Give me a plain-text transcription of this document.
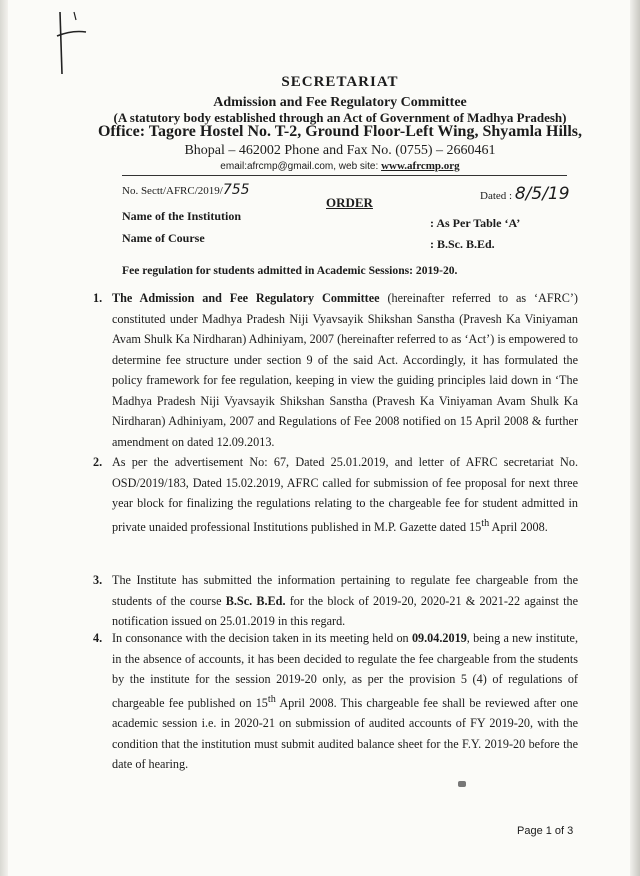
SECRETARIAT
Admission and Fee Regulatory Committee
(A statutory body established through an Act of Government of Madhya Pradesh)
Office: Tagore Hostel No. T-2, Ground Floor-Left Wing, Shyamla Hills,
Bhopal – 462002 Phone and Fax No. (0755) – 2660461
email:afrcmp@gmail.com, web site: www.afrcmp.org
No. Sectt/AFRC/2019/755	Dated : 8/5/19
ORDER
Name of the Institution	: As Per Table ‘A’
Name of Course	: B.Sc. B.Ed.
Fee regulation for students admitted in Academic Sessions: 2019-20.
1. The Admission and Fee Regulatory Committee (hereinafter referred to as ‘AFRC’) constituted under Madhya Pradesh Niji Vyavsayik Shikshan Sanstha (Pravesh Ka Viniyaman Avam Shulk Ka Nirdharan) Adhiniyam, 2007 (hereinafter referred to as ‘Act’) is empowered to determine fee structure under section 9 of the said Act. Accordingly, it has formulated the policy framework for fee regulation, keeping in view the guiding principles laid down in ‘The Madhya Pradesh Niji Vyavsayik Shikshan Sanstha (Pravesh Ka Viniyaman Avam Shulk Ka Nirdharan) Adhiniyam, 2007 and Regulations of Fee 2008 notified on 15 April 2008 & further amendment on dated 12.09.2013.
2. As per the advertisement No: 67, Dated 25.01.2019, and letter of AFRC secretariat No. OSD/2019/183, Dated 15.02.2019, AFRC called for submission of fee proposal for next three year block for finalizing the regulations relating to the chargeable fee for student admitted in private unaided professional Institutions published in M.P. Gazette dated 15th April 2008.
3. The Institute has submitted the information pertaining to regulate fee chargeable from the students of the course B.Sc. B.Ed. for the block of 2019-20, 2020-21 & 2021-22 against the notification issued on 25.01.2019 in this regard.
4. In consonance with the decision taken in its meeting held on 09.04.2019, being a new institute, in the absence of accounts, it has been decided to regulate the fee chargeable from the students by the institute for the session 2019-20 only, as per the provision 5 (4) of regulations of chargeable fee published on 15th April 2008. This chargeable fee shall be reviewed after one academic session i.e. in 2020-21 on submission of audited accounts of FY 2019-20, with the condition that the institution must submit audited balance sheet for the F.Y. 2019-20 before the date of hearing.
Page 1 of 3
